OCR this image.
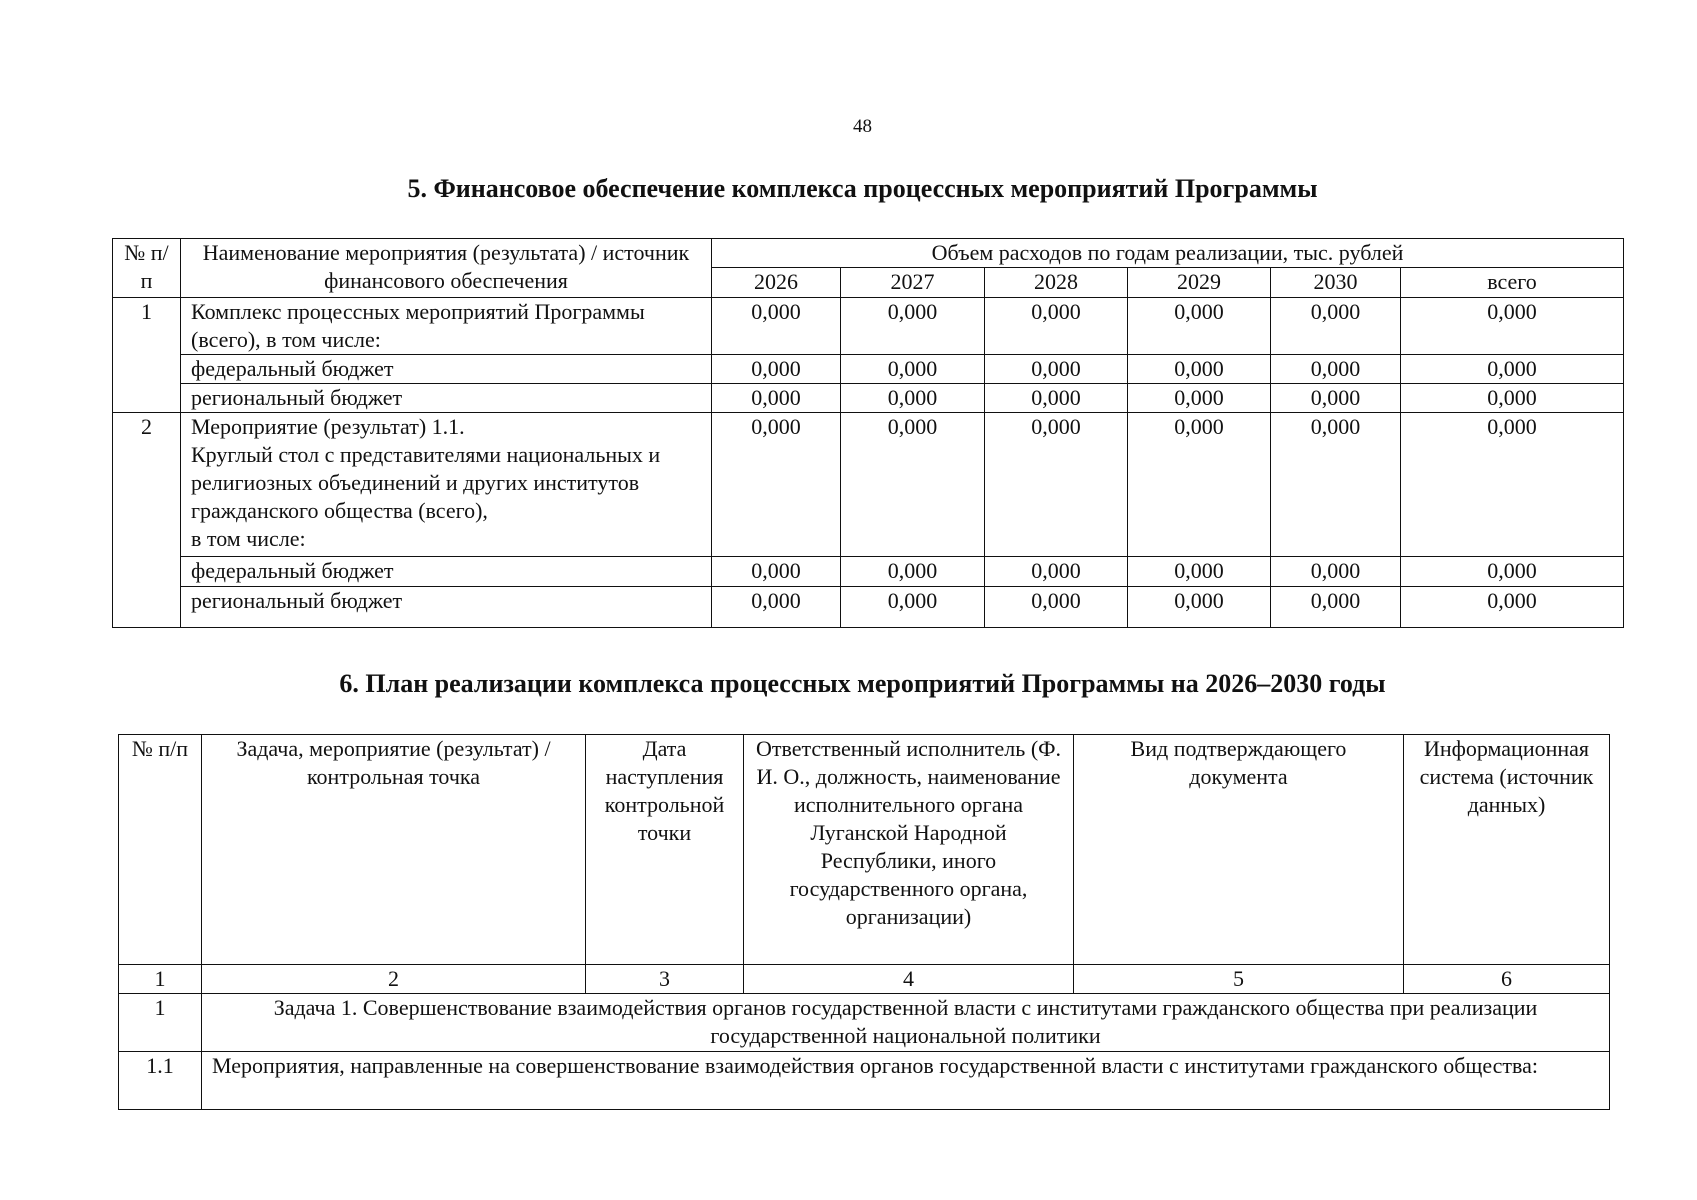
48
5. Финансовое обеспечение комплекса процессных мероприятий Программы
№ п/п	Наименование мероприятия (результата) / источник финансового обеспечения	Объем расходов по годам реализации, тыс. рублей					
		2026	2027	2028	2029	2030	всего
1	Комплекс процессных мероприятий Программы (всего), в том числе:	0,000	0,000	0,000	0,000	0,000	0,000
	федеральный бюджет	0,000	0,000	0,000	0,000	0,000	0,000
	региональный бюджет	0,000	0,000	0,000	0,000	0,000	0,000
2	Мероприятие (результат) 1.1.
Круглый стол с представителями национальных и религиозных объединений и других институтов гражданского общества (всего),
в том числе:	0,000	0,000	0,000	0,000	0,000	0,000
	федеральный бюджет	0,000	0,000	0,000	0,000	0,000	0,000
	региональный бюджет	0,000	0,000	0,000	0,000	0,000	0,000
6. План реализации комплекса процессных мероприятий Программы на 2026–2030 годы
№ п/п	Задача, мероприятие (результат) / контрольная точка	Дата наступления контрольной точки	Ответственный исполнитель (Ф. И. О., должность, наименование исполнительного органа Луганской Народной Республики, иного государственного органа, организации)	Вид подтверждающего документа	Информационная система (источник данных)
1	2	3	4	5	6
1	Задача 1. Совершенствование взаимодействия органов государственной власти с институтами гражданского общества при реализации государственной национальной политики				
1.1	Мероприятия, направленные на совершенствование взаимодействия органов государственной власти с институтами гражданского общества:				
